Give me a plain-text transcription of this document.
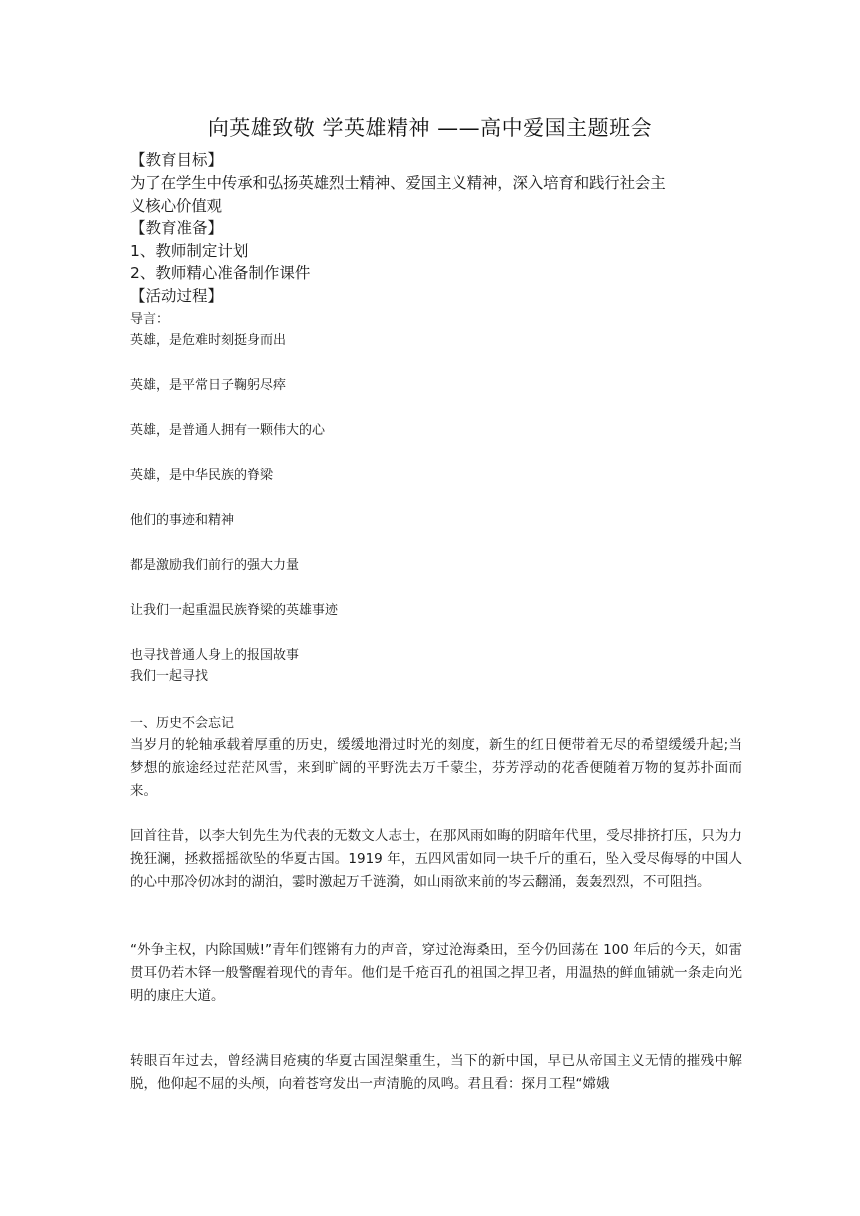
向英雄致敬 学英雄精神 ——高中爱国主题班会
【教育目标】
为了在学生中传承和弘扬英雄烈士精神、爱国主义精神，深入培育和践行社会主
义核心价值观
【教育准备】
1、教师制定计划
2、教师精心准备制作课件
【活动过程】
导言：
英雄，是危难时刻挺身而出
英雄，是平常日子鞠躬尽瘁
英雄，是普通人拥有一颗伟大的心
英雄，是中华民族的脊梁
他们的事迹和精神
都是激励我们前行的强大力量
让我们一起重温民族脊梁的英雄事迹
也寻找普通人身上的报国故事
我们一起寻找
一、历史不会忘记
当岁月的轮轴承载着厚重的历史，缓缓地滑过时光的刻度，新生的红日便带着无尽的希望缓缓升起;当梦想的旅途经过茫茫风雪，来到旷阔的平野洗去万千蒙尘，芬芳浮动的花香便随着万物的复苏扑面而来。
回首往昔，以李大钊先生为代表的无数文人志士，在那风雨如晦的阴暗年代里，受尽排挤打压，只为力挽狂澜，拯救摇摇欲坠的华夏古国。1919 年，五四风雷如同一块千斤的重石，坠入受尽侮辱的中国人的心中那冷仞冰封的湖泊，霎时激起万千涟漪，如山雨欲来前的岑云翻涌，轰轰烈烈，不可阻挡。
“外争主权，内除国贼!”青年们铿锵有力的声音，穿过沧海桑田，至今仍回荡在 100 年后的今天，如雷贯耳仍若木铎一般警醒着现代的青年。他们是千疮百孔的祖国之捍卫者，用温热的鲜血铺就一条走向光明的康庄大道。
转眼百年过去，曾经满目疮痍的华夏古国涅槃重生，当下的新中国，早已从帝国主义无情的摧残中解脱，他仰起不屈的头颅，向着苍穹发出一声清脆的凤鸣。君且看：探月工程“嫦娥
